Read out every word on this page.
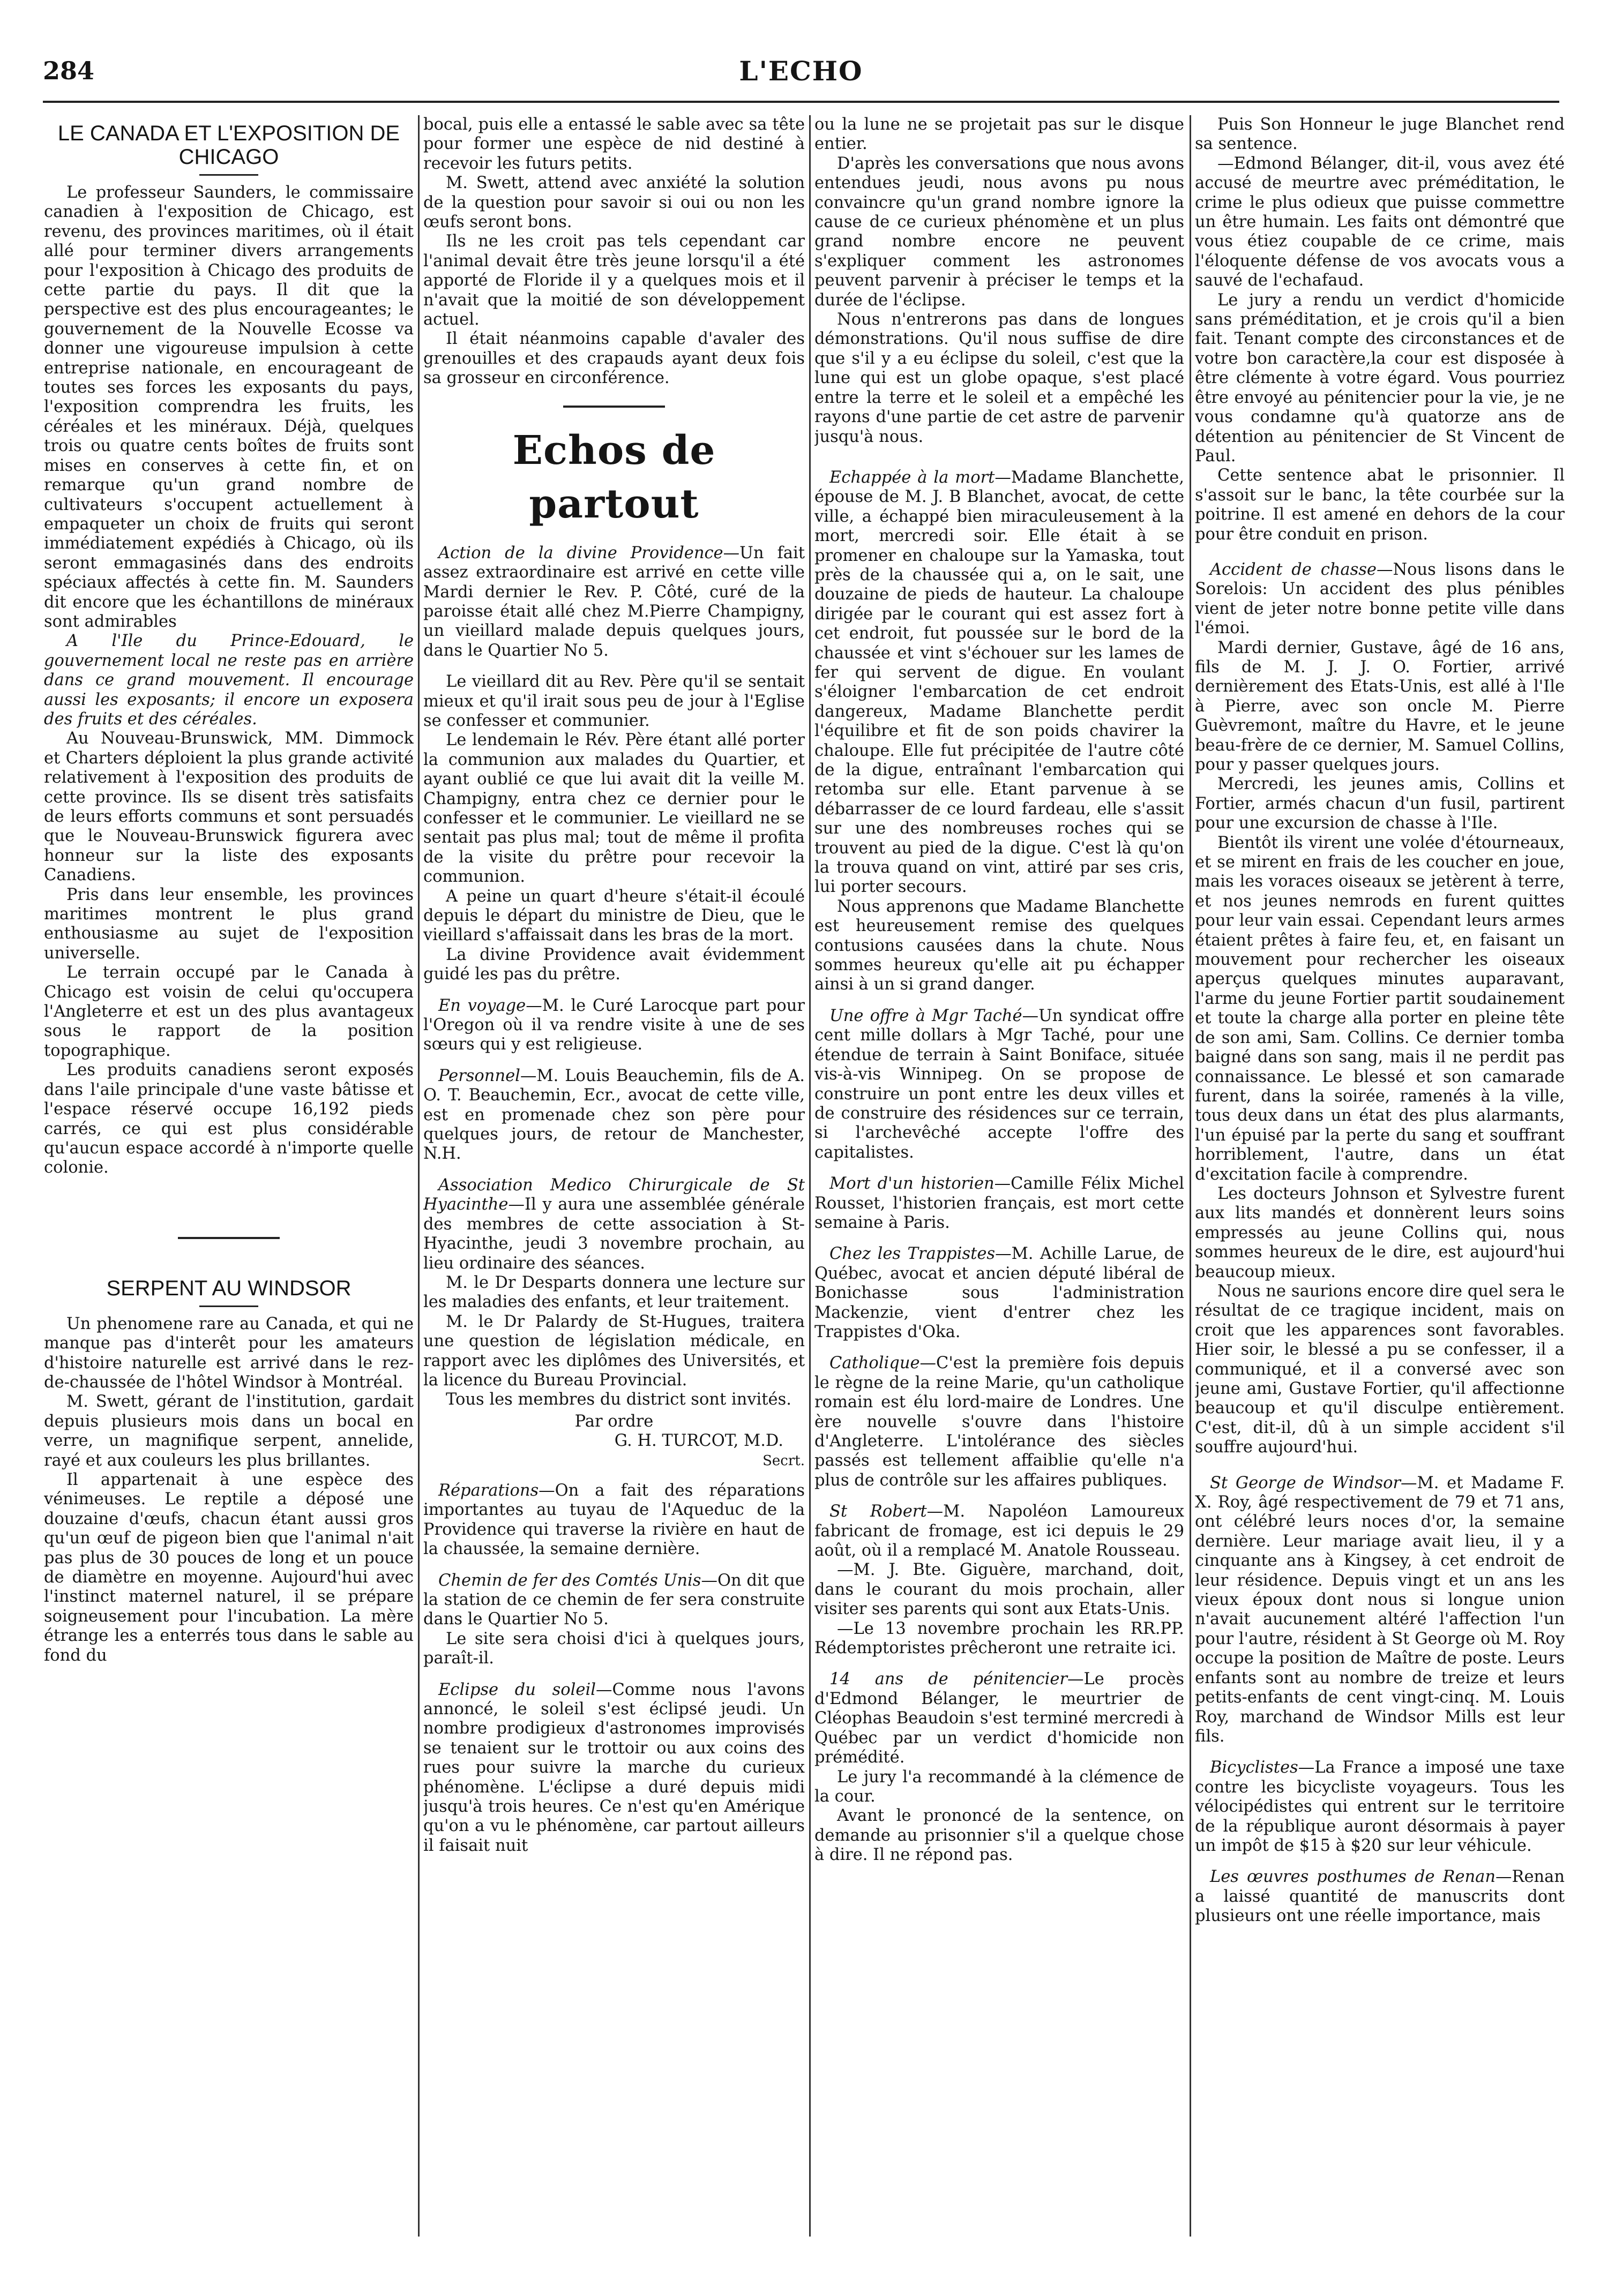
284	L'ECHO
LE CANADA ET L'EXPOSITION DE CHICAGO

Le professeur Saunders, le commissaire canadien à l'exposition de Chicago, est revenu, des provinces maritimes, où il était allé pour terminer divers arrangements pour l'exposition à Chicago des produits de cette partie du pays. Il dit que la perspective est des plus encourageantes; le gouvernement de la Nouvelle Ecosse va donner une vigoureuse impulsion à cette entreprise nationale, en encourageant de toutes ses forces les exposants du pays, l'exposition comprendra les fruits, les céréales et les minéraux. Déjà, quelques trois ou quatre cents boîtes de fruits sont mises en conserves à cette fin, et on remarque qu'un grand nombre de cultivateurs s'occupent actuellement à empaqueter un choix de fruits qui seront immédiatement expédiés à Chicago, où ils seront emmagasinés dans des endroits spéciaux affectés à cette fin. M. Saunders dit encore que les échantillons de minéraux sont admirables

A l'Ile du Prince-Edouard, le gouvernement local ne reste pas en arrière dans ce grand mouvement. Il encourage aussi les exposants; il encore un exposera des fruits et des céréales.

Au Nouveau-Brunswick, MM. Dimmock et Charters déploient la plus grande activité relativement à l'exposition des produits de cette province. Ils se disent très satisfaits de leurs efforts communs et sont persuadés que le Nouveau-Brunswick figurera avec honneur sur la liste des exposants Canadiens.

Pris dans leur ensemble, les provinces maritimes montrent le plus grand enthousiasme au sujet de l'exposition universelle.

Le terrain occupé par le Canada à Chicago est voisin de celui qu'occupera l'Angleterre et est un des plus avantageux sous le rapport de la position topographique.

Les produits canadiens seront exposés dans l'aile principale d'une vaste bâtisse et l'espace réservé occupe 16,192 pieds carrés, ce qui est plus considérable qu'aucun espace accordé à n'importe quelle colonie.

SERPENT AU WINDSOR

Un phenomene rare au Canada, et qui ne manque pas d'interêt pour les amateurs d'histoire naturelle est arrivé dans le rez-de-chaussée de l'hôtel Windsor à Montréal.

M. Swett, gérant de l'institution, gardait depuis plusieurs mois dans un bocal en verre, un magnifique serpent, annelide, rayé et aux couleurs les plus brillantes.

Il appartenait à une espèce des vénimeuses. Le reptile a déposé une douzaine d'œufs, chacun étant aussi gros qu'un œuf de pigeon bien que l'animal n'ait pas plus de 30 pouces de long et un pouce de diamètre en moyenne. Aujourd'hui avec l'instinct maternel naturel, il se prépare soigneusement pour l'incubation. La mère étrange les a enterrés tous dans le sable au fond du

bocal, puis elle a entassé le sable avec sa tête pour former une espèce de nid destiné à recevoir les futurs petits.

M. Swett, attend avec anxiété la solution de la question pour savoir si oui ou non les œufs seront bons.

Ils ne les croit pas tels cependant car l'animal devait être très jeune lorsqu'il a été apporté de Floride il y a quelques mois et il n'avait que la moitié de son développement actuel.

Il était néanmoins capable d'avaler des grenouilles et des crapauds ayant deux fois sa grosseur en circonférence.

Echos de partout
Action de la divine Providence—Un fait assez extraordinaire est arrivé en cette ville Mardi dernier le Rev. P. Côté, curé de la paroisse était allé chez M.Pierre Champigny, un vieillard malade depuis quelques jours, dans le Quartier No 5.

Le vieillard dit au Rev. Père qu'il se sentait mieux et qu'il irait sous peu de jour à l'Eglise se confesser et communier.

Le lendemain le Rév. Père étant allé porter la communion aux malades du Quartier, et ayant oublié ce que lui avait dit la veille M. Champigny, entra chez ce dernier pour le confesser et le communier. Le vieillard ne se sentait pas plus mal; tout de même il profita de la visite du prêtre pour recevoir la communion.

A peine un quart d'heure s'était-il écoulé depuis le départ du ministre de Dieu, que le vieillard s'affaissait dans les bras de la mort.

La divine Providence avait évidemment guidé les pas du prêtre.

En voyage—M. le Curé Larocque part pour l'Oregon où il va rendre visite à une de ses sœurs qui y est religieuse.
Personnel—M. Louis Beauchemin, fils de A. O. T. Beauchemin, Ecr., avocat de cette ville, est en promenade chez son père pour quelques jours, de retour de Manchester, N.H.
Association Medico Chirurgicale de St Hyacinthe—Il y aura une assemblée générale des membres de cette association à St-Hyacinthe, jeudi 3 novembre prochain, au lieu ordinaire des séances.

M. le Dr Desparts donnera une lecture sur les maladies des enfants, et leur traitement.

M. le Dr Palardy de St-Hugues, traitera une question de législation médicale, en rapport avec les diplômes des Universités, et la licence du Bureau Provincial.

Tous les membres du district sont invités.

Par ordre

G. H. TURCOT, M.D.

Secrt.

Réparations—On a fait des réparations importantes au tuyau de l'Aqueduc de la Providence qui traverse la rivière en haut de la chaussée, la semaine dernière.
Chemin de fer des Comtés Unis—On dit que la station de ce chemin de fer sera construite dans le Quartier No 5.

Le site sera choisi d'ici à quelques jours, paraît-il.

Eclipse du soleil—Comme nous l'avons annoncé, le soleil s'est éclipsé jeudi. Un nombre prodigieux d'astronomes improvisés se tenaient sur le trottoir ou aux coins des rues pour suivre la marche du curieux phénomène. L'éclipse a duré depuis midi jusqu'à trois heures. Ce n'est qu'en Amérique qu'on a vu le phénomène, car partout ailleurs il faisait nuit

ou la lune ne se projetait pas sur le disque entier.

D'après les conversations que nous avons entendues jeudi, nous avons pu nous convaincre qu'un grand nombre ignore la cause de ce curieux phénomène et un plus grand nombre encore ne peuvent s'expliquer comment les astronomes peuvent parvenir à préciser le temps et la durée de l'éclipse.

Nous n'entrerons pas dans de longues démonstrations. Qu'il nous suffise de dire que s'il y a eu éclipse du soleil, c'est que la lune qui est un globe opaque, s'est placé entre la terre et le soleil et a empêché les rayons d'une partie de cet astre de parvenir jusqu'à nous.

Echappée à la mort—Madame Blanchette, épouse de M. J. B Blanchet, avocat, de cette ville, a échappé bien miraculeusement à la mort, mercredi soir. Elle était à se promener en chaloupe sur la Yamaska, tout près de la chaussée qui a, on le sait, une douzaine de pieds de hauteur. La chaloupe dirigée par le courant qui est assez fort à cet endroit, fut poussée sur le bord de la chaussée et vint s'échouer sur les lames de fer qui servent de digue. En voulant s'éloigner l'embarcation de cet endroit dangereux, Madame Blanchette perdit l'équilibre et fit de son poids chavirer la chaloupe. Elle fut précipitée de l'autre côté de la digue, entraînant l'embarcation qui retomba sur elle. Etant parvenue à se débarrasser de ce lourd fardeau, elle s'assit sur une des nombreuses roches qui se trouvent au pied de la digue. C'est là qu'on la trouva quand on vint, attiré par ses cris, lui porter secours.

Nous apprenons que Madame Blanchette est heureusement remise des quelques contusions causées dans la chute. Nous sommes heureux qu'elle ait pu échapper ainsi à un si grand danger.

Une offre à Mgr Taché—Un syndicat offre cent mille dollars à Mgr Taché, pour une étendue de terrain à Saint Boniface, située vis-à-vis Winnipeg. On se propose de construire un pont entre les deux villes et de construire des résidences sur ce terrain, si l'archevêché accepte l'offre des capitalistes.
Mort d'un historien—Camille Félix Michel Rousset, l'historien français, est mort cette semaine à Paris.
Chez les Trappistes—M. Achille Larue, de Québec, avocat et ancien député libéral de Bonichasse sous l'administration Mackenzie, vient d'entrer chez les Trappistes d'Oka.
Catholique—C'est la première fois depuis le règne de la reine Marie, qu'un catholique romain est élu lord-maire de Londres. Une ère nouvelle s'ouvre dans l'histoire d'Angleterre. L'intolérance des siècles passés est tellement affaiblie qu'elle n'a plus de contrôle sur les affaires publiques.
St Robert—M. Napoléon Lamoureux fabricant de fromage, est ici depuis le 29 août, où il a remplacé M. Anatole Rousseau.

—M. J. Bte. Giguère, marchand, doit, dans le courant du mois prochain, aller visiter ses parents qui sont aux Etats-Unis.

—Le 13 novembre prochain les RR.PP. Rédemptoristes prêcheront une retraite ici.

14 ans de pénitencier—Le procès d'Edmond Bélanger, le meurtrier de Cléophas Beaudoin s'est terminé mercredi à Québec par un verdict d'homicide non prémédité.

Le jury l'a recommandé à la clémence de la cour.

Avant le prononcé de la sentence, on demande au prisonnier s'il a quelque chose à dire. Il ne répond pas.

Puis Son Honneur le juge Blanchet rend sa sentence.

—Edmond Bélanger, dit-il, vous avez été accusé de meurtre avec préméditation, le crime le plus odieux que puisse commettre un être humain. Les faits ont démontré que vous étiez coupable de ce crime, mais l'éloquente défense de vos avocats vous a sauvé de l'echafaud.

Le jury a rendu un verdict d'homicide sans préméditation, et je crois qu'il a bien fait. Tenant compte des circonstances et de votre bon caractère,la cour est disposée à être clémente à votre égard. Vous pourriez être envoyé au pénitencier pour la vie, je ne vous condamne qu'à quatorze ans de détention au pénitencier de St Vincent de Paul.

Cette sentence abat le prisonnier. Il s'assoit sur le banc, la tête courbée sur la poitrine. Il est amené en dehors de la cour pour être conduit en prison.

Accident de chasse—Nous lisons dans le Sorelois: Un accident des plus pénibles vient de jeter notre bonne petite ville dans l'émoi.

Mardi dernier, Gustave, âgé de 16 ans, fils de M. J. J. O. Fortier, arrivé dernièrement des Etats-Unis, est allé à l'Ile à Pierre, avec son oncle M. Pierre Guèvremont, maître du Havre, et le jeune beau-frère de ce dernier, M. Samuel Collins, pour y passer quelques jours.

Mercredi, les jeunes amis, Collins et Fortier, armés chacun d'un fusil, partirent pour une excursion de chasse à l'Ile.

Bientôt ils virent une volée d'étourneaux, et se mirent en frais de les coucher en joue, mais les voraces oiseaux se jetèrent à terre, et nos jeunes nemrods en furent quittes pour leur vain essai. Cependant leurs armes étaient prêtes à faire feu, et, en faisant un mouvement pour rechercher les oiseaux aperçus quelques minutes auparavant, l'arme du jeune Fortier partit soudainement et toute la charge alla porter en pleine tête de son ami, Sam. Collins. Ce dernier tomba baigné dans son sang, mais il ne perdit pas connaissance. Le blessé et son camarade furent, dans la soirée, ramenés à la ville, tous deux dans un état des plus alarmants, l'un épuisé par la perte du sang et souffrant horriblement, l'autre, dans un état d'excitation facile à comprendre.

Les docteurs Johnson et Sylvestre furent aux lits mandés et donnèrent leurs soins empressés au jeune Collins qui, nous sommes heureux de le dire, est aujourd'hui beaucoup mieux.

Nous ne saurions encore dire quel sera le résultat de ce tragique incident, mais on croit que les apparences sont favorables. Hier soir, le blessé a pu se confesser, il a communiqué, et il a conversé avec son jeune ami, Gustave Fortier, qu'il affectionne beaucoup et qu'il disculpe entièrement. C'est, dit-il, dû à un simple accident s'il souffre aujourd'hui.

St George de Windsor—M. et Madame F. X. Roy, âgé respectivement de 79 et 71 ans, ont célébré leurs noces d'or, la semaine dernière. Leur mariage avait lieu, il y a cinquante ans à Kingsey, à cet endroit de leur résidence. Depuis vingt et un ans les vieux époux dont nous si longue union n'avait aucunement altéré l'affection l'un pour l'autre, résident à St George où M. Roy occupe la position de Maître de poste. Leurs enfants sont au nombre de treize et leurs petits-enfants de cent vingt-cinq. M. Louis Roy, marchand de Windsor Mills est leur fils.
Bicyclistes—La France a imposé une taxe contre les bicycliste voyageurs. Tous les vélocipédistes qui entrent sur le territoire de la république auront désormais à payer un impôt de $15 à $20 sur leur véhicule.
Les œuvres posthumes de Renan—Renan a laissé quantité de manuscrits dont plusieurs ont une réelle importance, mais
